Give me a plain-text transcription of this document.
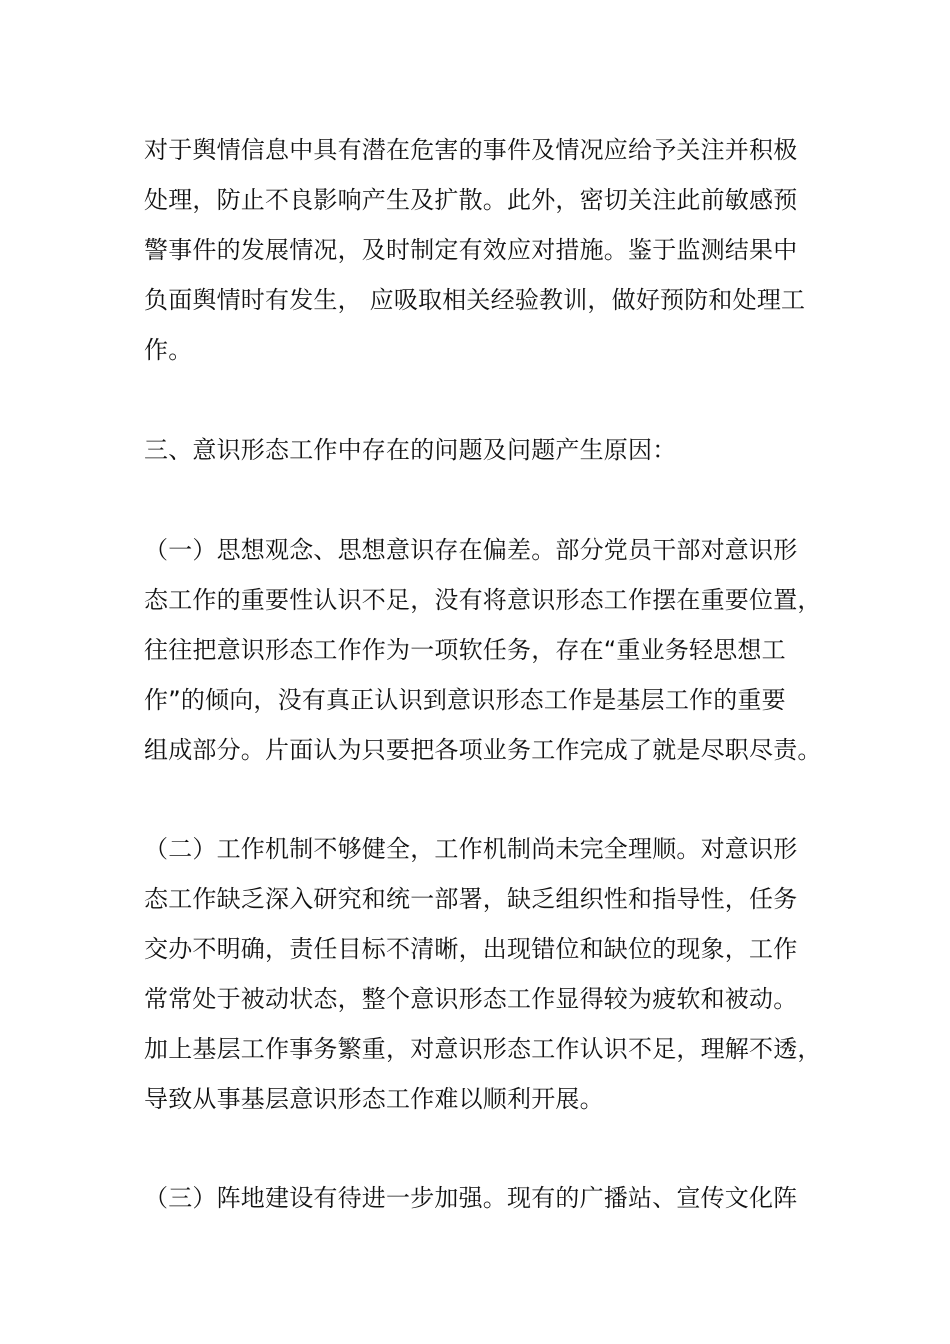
对于舆情信息中具有潜在危害的事件及情况应给予关注并积极
处理，防止不良影响产生及扩散。此外，密切关注此前敏感预
警事件的发展情况，及时制定有效应对措施。鉴于监测结果中
负面舆情时有发生， 应吸取相关经验教训，做好预防和处理工
作。
三、意识形态工作中存在的问题及问题产生原因：
（一）思想观念、思想意识存在偏差。部分党员干部对意识形
态工作的重要性认识不足，没有将意识形态工作摆在重要位置，
往往把意识形态工作作为一项软任务，存在“重业务轻思想工
作”的倾向，没有真正认识到意识形态工作是基层工作的重要
组成部分。片面认为只要把各项业务工作完成了就是尽职尽责。
（二）工作机制不够健全，工作机制尚未完全理顺。对意识形
态工作缺乏深入研究和统一部署，缺乏组织性和指导性，任务
交办不明确，责任目标不清晰，出现错位和缺位的现象，工作
常常处于被动状态，整个意识形态工作显得较为疲软和被动。
加上基层工作事务繁重，对意识形态工作认识不足，理解不透，
导致从事基层意识形态工作难以顺利开展。
（三）阵地建设有待进一步加强。现有的广播站、宣传文化阵
